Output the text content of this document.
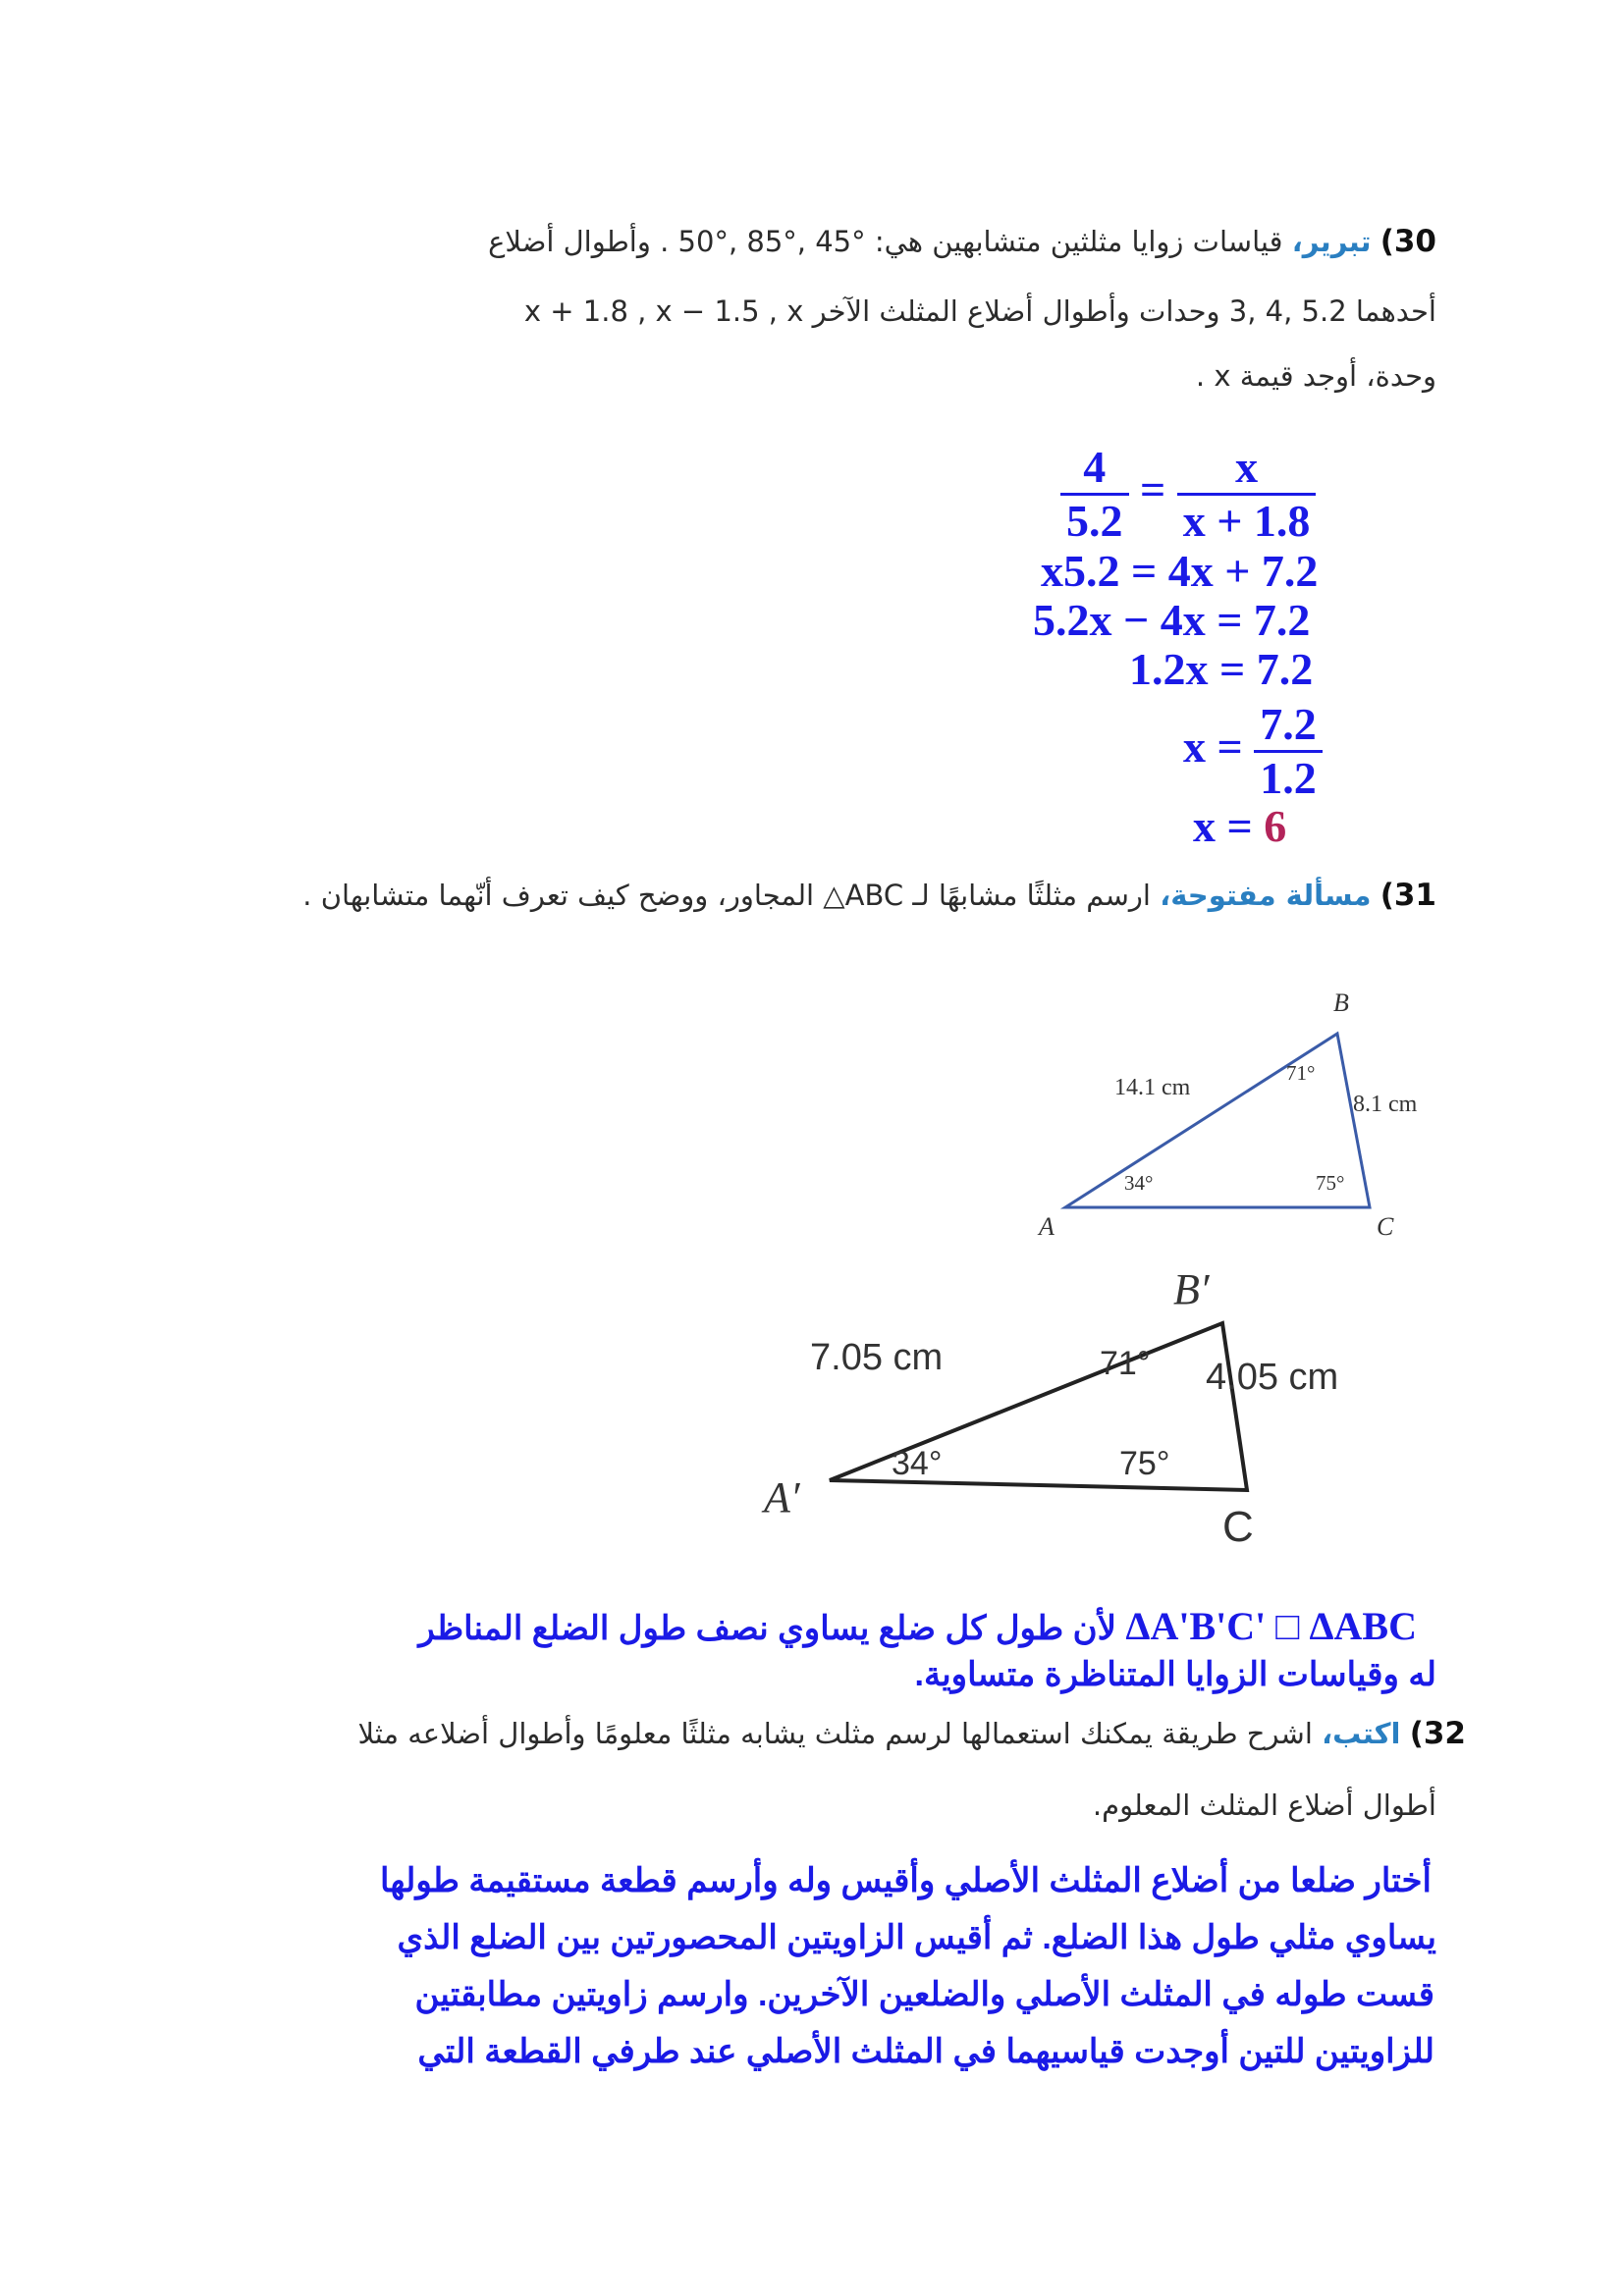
30) تبرير، قياسات زوايا مثلثين متشابهين هي: °45 ,°85 ,°50 . وأطوال أضلاع
أحدهما 5.2 ,4 ,3 وحدات وأطوال أضلاع المثلث الآخر x + 1.8 , x − 1.5 , x
وحدة، أوجد قيمة x .
$\frac{4}{5.2} = \frac{x}{x + 1.8}$
x5.2 = 4x + 7.2
5.2x − 4x = 7.2
1.2x = 7.2
$x = \frac{7.2}{1.2}$
x = 6
31) مسألة مفتوحة، ارسم مثلثًا مشابهًا لـ ABC△ المجاور، ووضح كيف تعرف أنّهما متشابهان .
B
A	C
14.1 cm
8.1 cm
71°
34°	75°
B′
A′
C
7.05 cm	4.05 cm
71°
34°	75°
ΔA'B'C' □ ΔABC لأن طول كل ضلع يساوي نصف طول الضلع المناظر
له وقياسات الزوايا المتناظرة متساوية.
32) اكتب، اشرح طريقة يمكنك استعمالها لرسم مثلث يشابه مثلثًا معلومًا وأطوال أضلاعه مثلا
أطوال أضلاع المثلث المعلوم.
أختار ضلعا من أضلاع المثلث الأصلي وأقيس وله وأرسم قطعة مستقيمة طولها
يساوي مثلي طول هذا الضلع. ثم أقيس الزاويتين المحصورتين بين الضلع الذي
قست طوله في المثلث الأصلي والضلعين الآخرين. وارسم زاويتين مطابقتين
للزاويتين للتين أوجدت قياسيهما في المثلث الأصلي عند طرفي القطعة التي
